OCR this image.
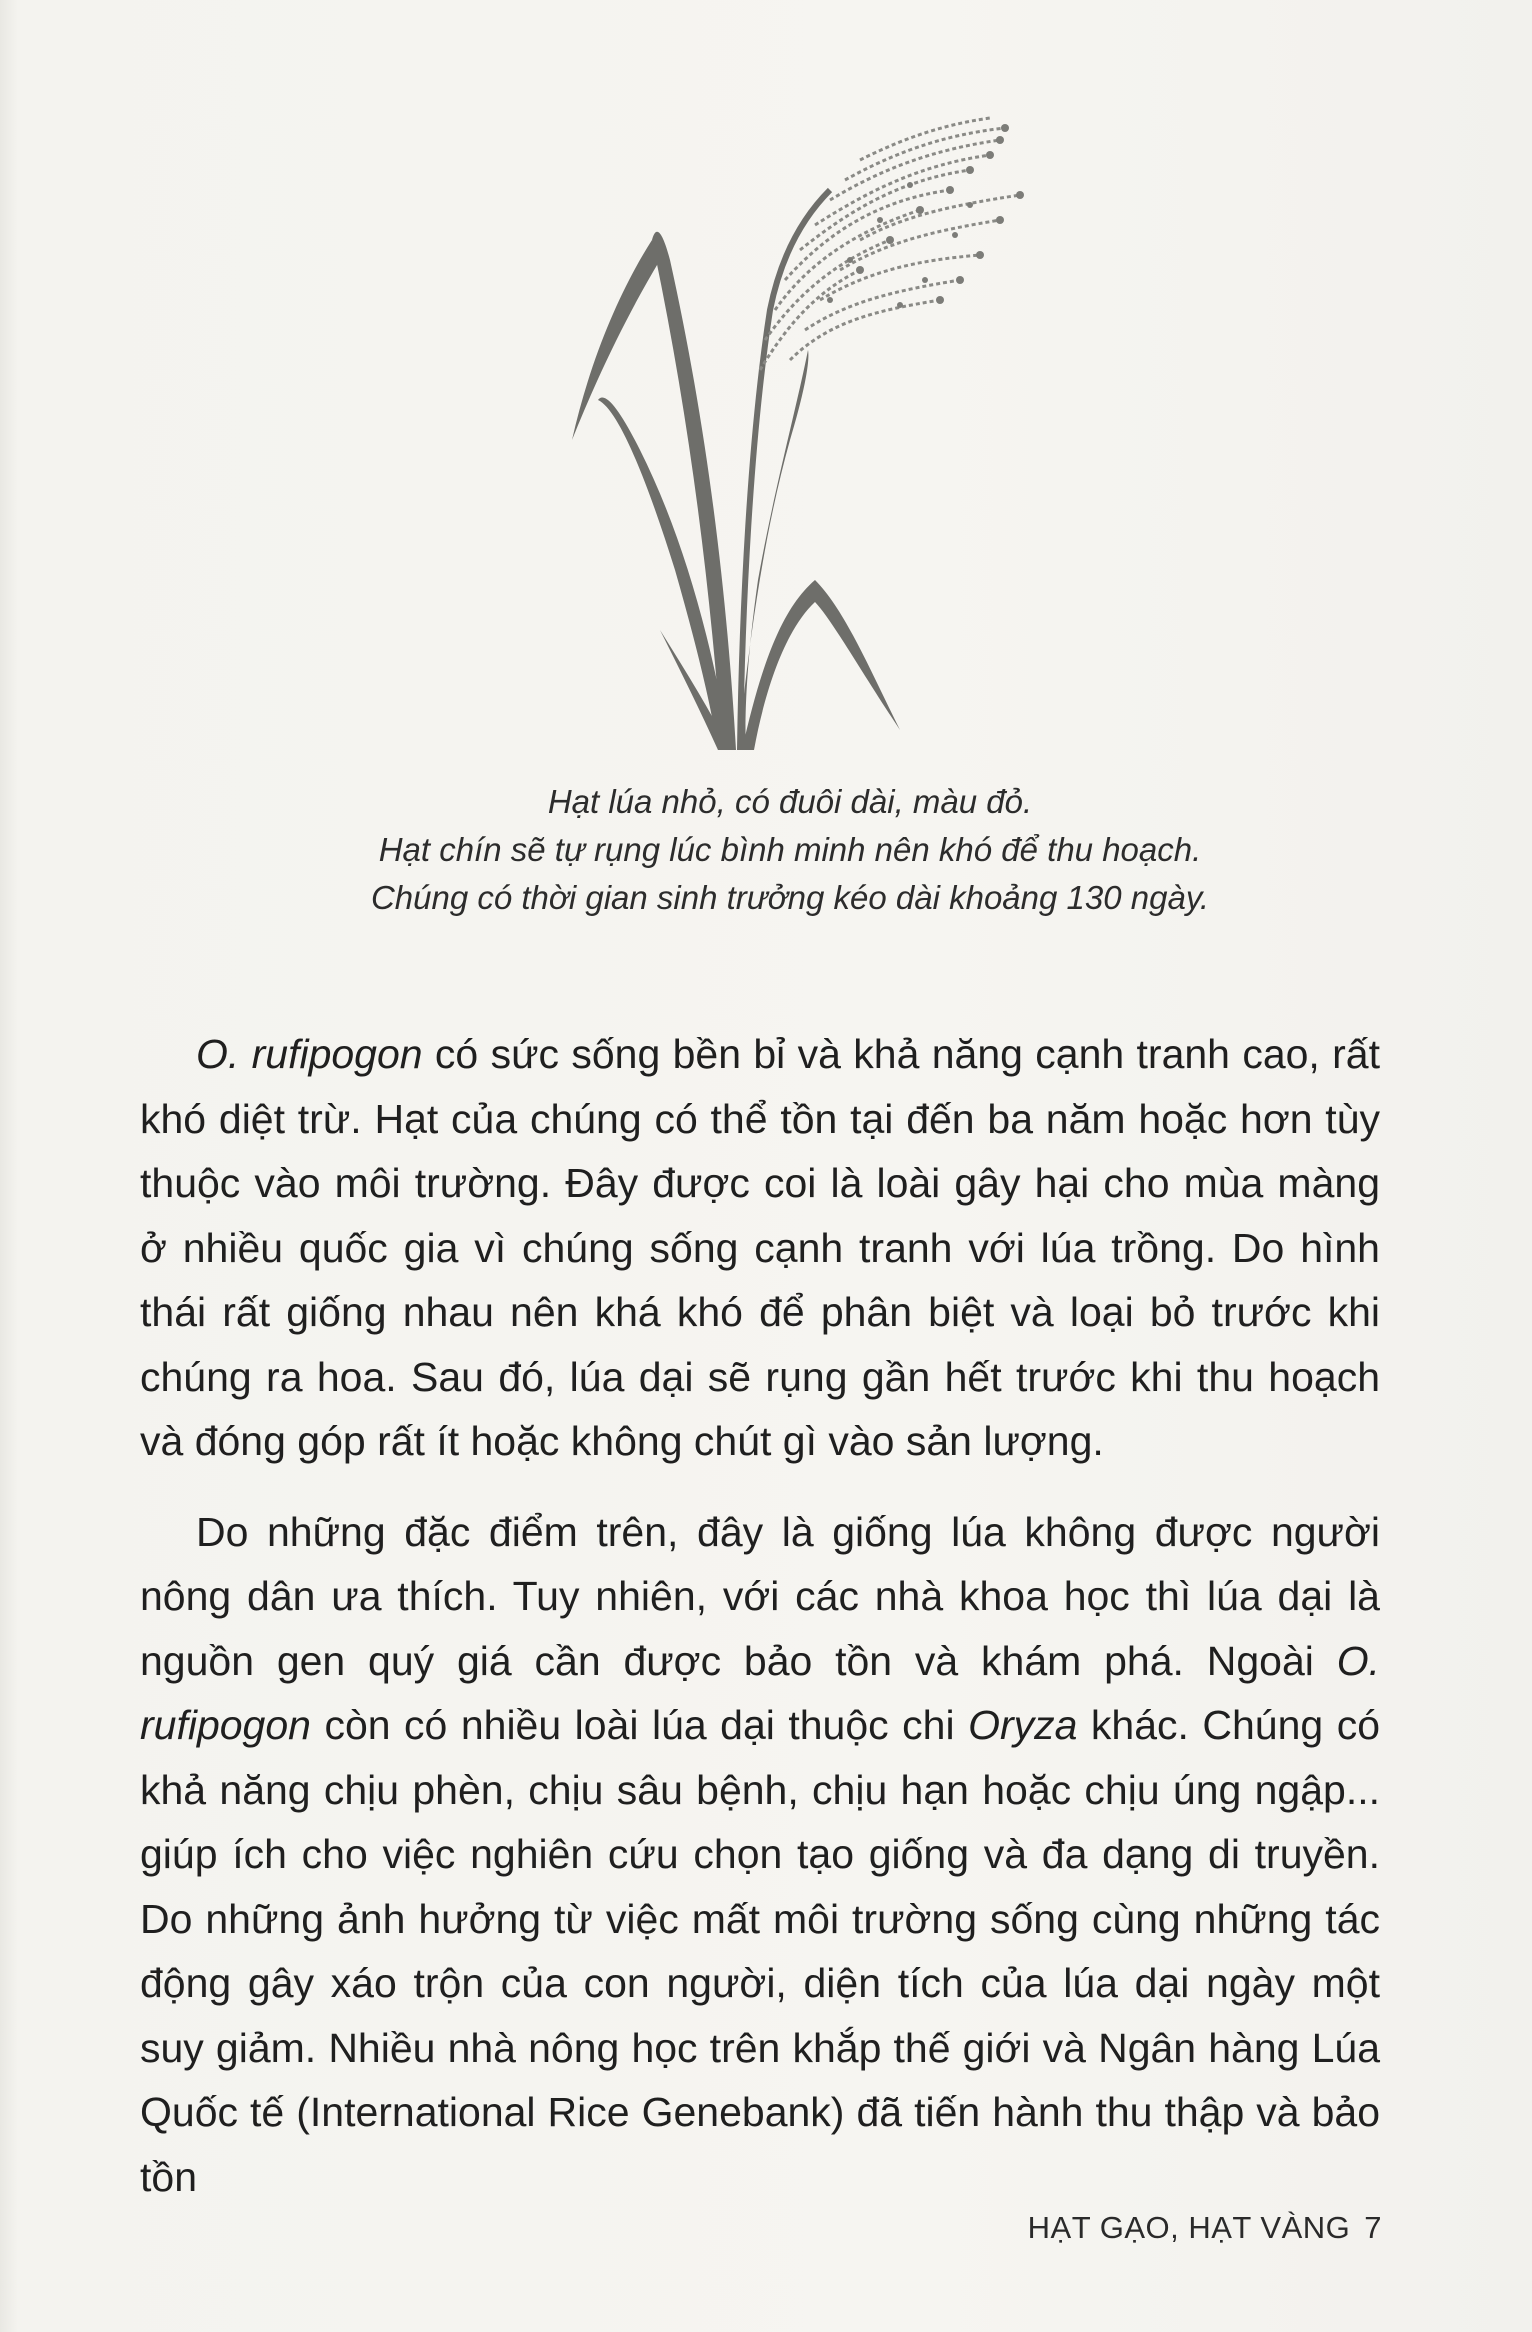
Hạt lúa nhỏ, có đuôi dài, màu đỏ.
Hạt chín sẽ tự rụng lúc bình minh nên khó để thu hoạch.
Chúng có thời gian sinh trưởng kéo dài khoảng 130 ngày.

O. rufipogon có sức sống bền bỉ và khả năng cạnh tranh cao, rất khó diệt trừ. Hạt của chúng có thể tồn tại đến ba năm hoặc hơn tùy thuộc vào môi trường. Đây được coi là loài gây hại cho mùa màng ở nhiều quốc gia vì chúng sống cạnh tranh với lúa trồng. Do hình thái rất giống nhau nên khá khó để phân biệt và loại bỏ trước khi chúng ra hoa. Sau đó, lúa dại sẽ rụng gần hết trước khi thu hoạch và đóng góp rất ít hoặc không chút gì vào sản lượng.

Do những đặc điểm trên, đây là giống lúa không được người nông dân ưa thích. Tuy nhiên, với các nhà khoa học thì lúa dại là nguồn gen quý giá cần được bảo tồn và khám phá. Ngoài O. rufipogon còn có nhiều loài lúa dại thuộc chi Oryza khác. Chúng có khả năng chịu phèn, chịu sâu bệnh, chịu hạn hoặc chịu úng ngập... giúp ích cho việc nghiên cứu chọn tạo giống và đa dạng di truyền. Do những ảnh hưởng từ việc mất môi trường sống cùng những tác động gây xáo trộn của con người, diện tích của lúa dại ngày một suy giảm. Nhiều nhà nông học trên khắp thế giới và Ngân hàng Lúa Quốc tế (International Rice Genebank) đã tiến hành thu thập và bảo tồn

HẠT GẠO, HẠT VÀNG 7
